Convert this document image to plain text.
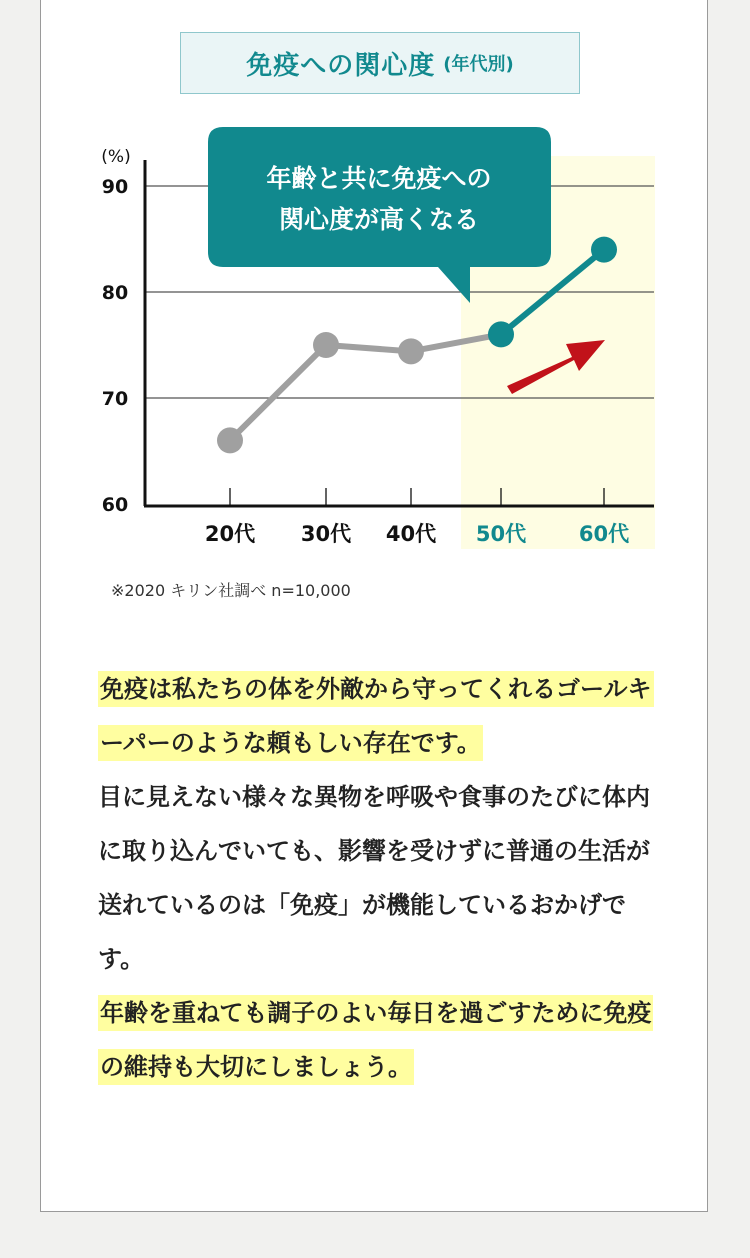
免疫への関心度 (年代別)
(%)
60
70
80
90
20代 30代 40代 50代	60代
年齢と共に免疫への
関心度が高くなる
※2020 キリン社調べ n=10,000

免疫は私たちの体を外敵から守ってくれるゴールキーパーのような頼もしい存在です。

目に見えない様々な異物を呼吸や食事のたびに体内に取り込んでいても、影響を受けずに普通の生活が送れているのは「免疫」が機能しているおかげです。

年齢を重ねても調子のよい毎日を過ごすために免疫の維持も大切にしましょう。
